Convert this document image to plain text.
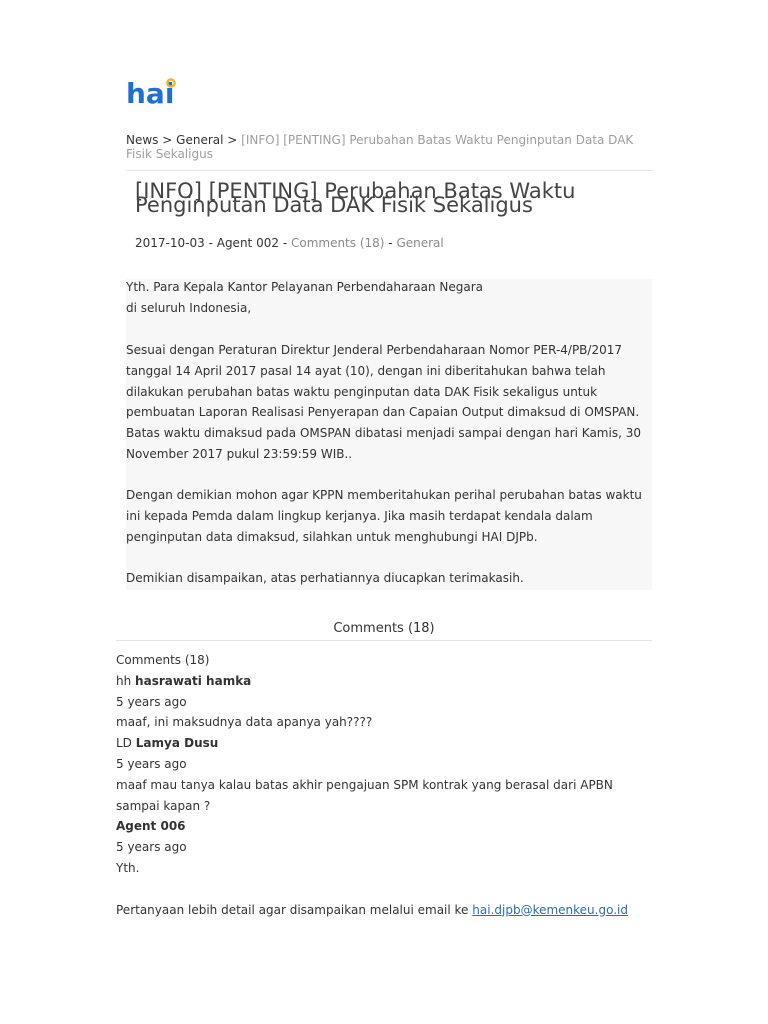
hai
News > General > [INFO] [PENTING] Perubahan Batas Waktu Penginputan Data DAK Fisik Sekaligus
[INFO] [PENTING] Perubahan Batas Waktu Penginputan Data DAK Fisik Sekaligus
2017-10-03 - Agent 002 - Comments (18) - General

Yth. Para Kepala Kantor Pelayanan Perbendaharaan Negara
di seluruh Indonesia,

Sesuai dengan Peraturan Direktur Jenderal Perbendaharaan Nomor PER-4/PB/2017 tanggal 14 April 2017 pasal 14 ayat (10), dengan ini diberitahukan bahwa telah dilakukan perubahan batas waktu penginputan data DAK Fisik sekaligus untuk pembuatan Laporan Realisasi Penyerapan dan Capaian Output dimaksud di OMSPAN. Batas waktu dimaksud pada OMSPAN dibatasi menjadi sampai dengan hari Kamis, 30 November 2017 pukul 23:59:59 WIB..

Dengan demikian mohon agar KPPN memberitahukan perihal perubahan batas waktu ini kepada Pemda dalam lingkup kerjanya. Jika masih terdapat kendala dalam penginputan data dimaksud, silahkan untuk menghubungi HAI DJPb.

Demikian disampaikan, atas perhatiannya diucapkan terimakasih.

Comments (18)
Comments (18)
hh hasrawati hamka
5 years ago
maaf, ini maksudnya data apanya yah????
LD Lamya Dusu
5 years ago
maaf mau tanya kalau batas akhir pengajuan SPM kontrak yang berasal dari APBN sampai kapan ?
Agent 006
5 years ago
Yth.
Pertanyaan lebih detail agar disampaikan melalui email ke hai.djpb@kemenkeu.go.id
